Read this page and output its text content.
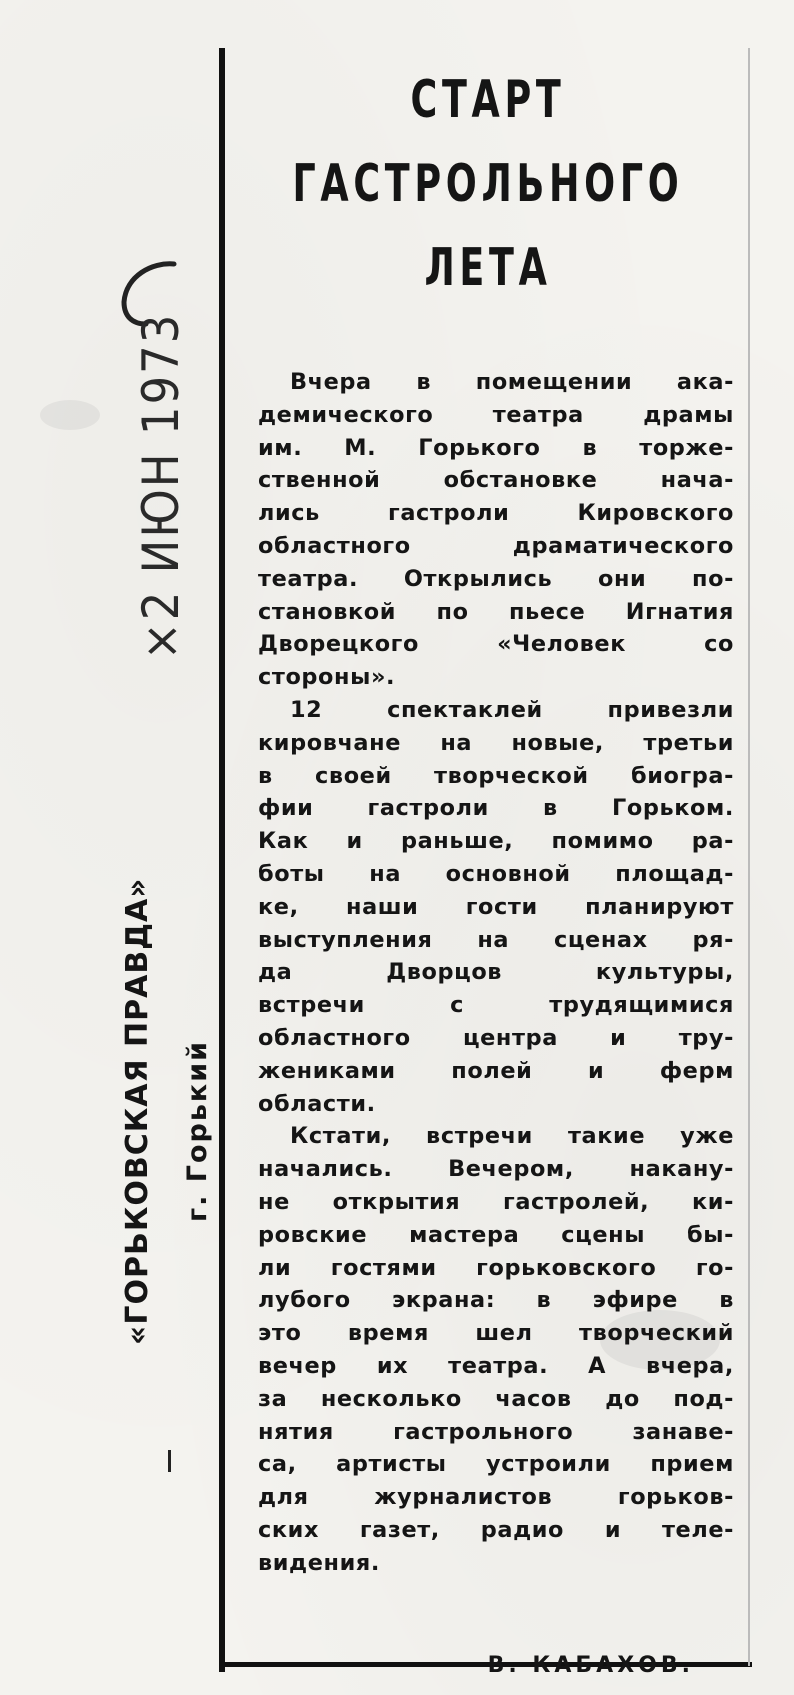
×2 ИЮН 1973
«ГОРЬКОВСКАЯ ПРАВДА» г. Горький
СТАРТ
ГАСТРОЛЬНОГО
ЛЕТА
Вчера в помещении ака-
демического театра драмы
им. М. Горького в торже-
ственной обстановке нача-
лись гастроли Кировского
областного драматического
театра. Открылись они по-
становкой по пьесе Игнатия
Дворецкого «Человек со
стороны».
12 спектаклей привезли
кировчане на новые, третьи
в своей творческой биогра-
фии гастроли в Горьком.
Как и раньше, помимо ра-
боты на основной площад-
ке, наши гости планируют
выступления на сценах ря-
да Дворцов культуры,
встречи с трудящимися
областного центра и тру-
жениками полей и ферм
области.
Кстати, встречи такие уже
начались. Вечером, накану-
не открытия гастролей, ки-
ровские мастера сцены бы-
ли гостями горьковского го-
лубого экрана: в эфире в
это время шел творческий
вечер их театра. А вчера,
за несколько часов до под-
нятия гастрольного занаве-
са, артисты устроили прием
для журналистов горьков-
ских газет, радио и теле-
видения.
В. КАБАХОВ.
